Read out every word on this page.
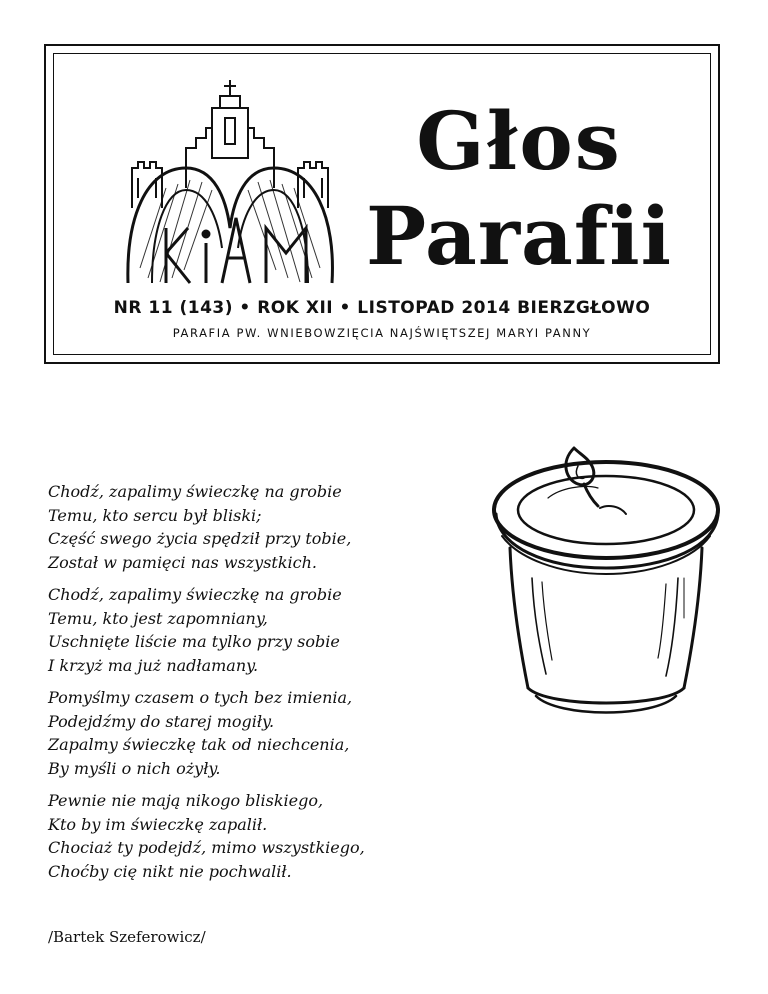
Głos
Parafii
NR 11 (143) • ROK XII • LISTOPAD 2014 BIERZGŁOWO
PARAFIA PW. WNIEBOWZIĘCIA NAJŚWIĘTSZEJ MARYI PANNY
Chodź, zapalimy świeczkę na grobie
Temu, kto sercu był bliski;
Część swego życia spędził przy tobie,
Został w pamięci nas wszystkich.
Chodź, zapalimy świeczkę na grobie
Temu, kto jest zapomniany,
Uschnięte liście ma tylko przy sobie
I krzyż ma już nadłamany.
Pomyślmy czasem o tych bez imienia,
Podejdźmy do starej mogiły.
Zapalmy świeczkę tak od niechcenia,
By myśli o nich ożyły.
Pewnie nie mają nikogo bliskiego,
Kto by im świeczkę zapalił.
Chociaż ty podejdź, mimo wszystkiego,
Choćby cię nikt nie pochwalił.
/Bartek Szeferowicz/
